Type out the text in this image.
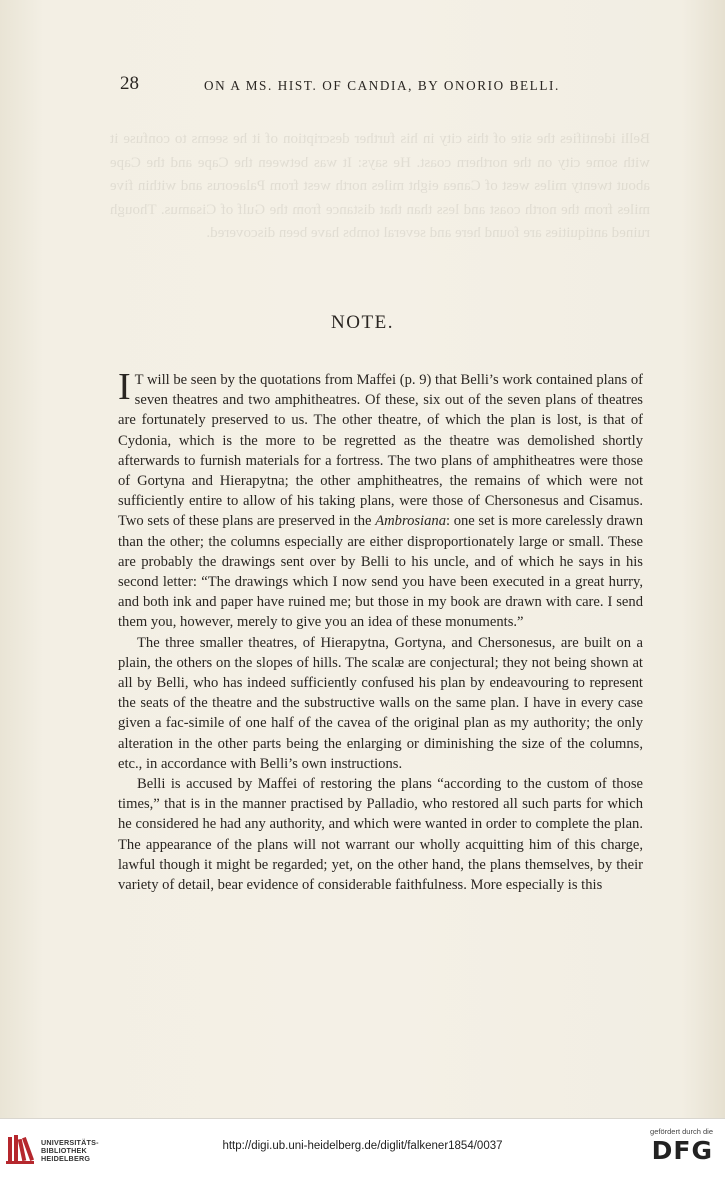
Belli identifies the site of this city in his further description of it he seems to confuse it with some city on the northern coast. He says: It was between the Cape and the Cape about twenty miles west of Canea eight miles north west from Palaeorus and within five miles from the north coast and less than that distance from the Gulf of Cisamus. Though ruined antiquities are found here and several tombs have been discovered.
28	ON A MS. HIST. OF CANDIA, BY ONORIO BELLI.
NOTE.

I T will be seen by the quotations from Maffei (p. 9) that Belli’s work contained plans of seven theatres and two amphitheatres. Of these, six out of the seven plans of theatres are fortunately preserved to us. The other theatre, of which the plan is lost, is that of Cydonia, which is the more to be regretted as the theatre was demolished shortly afterwards to furnish materials for a fortress. The two plans of amphitheatres were those of Gortyna and Hierapytna; the other amphitheatres, the remains of which were not sufficiently entire to allow of his taking plans, were those of Chersonesus and Cisamus. Two sets of these plans are preserved in the Ambrosiana: one set is more carelessly drawn than the other; the columns especially are either disproportionately large or small. These are probably the drawings sent over by Belli to his uncle, and of which he says in his second letter: “The drawings which I now send you have been executed in a great hurry, and both ink and paper have ruined me; but those in my book are drawn with care. I send them you, however, merely to give you an idea of these monuments.”

The three smaller theatres, of Hierapytna, Gortyna, and Chersonesus, are built on a plain, the others on the slopes of hills. The scalæ are conjectural; they not being shown at all by Belli, who has indeed sufficiently confused his plan by endeavouring to represent the seats of the theatre and the substructive walls on the same plan. I have in every case given a fac-simile of one half of the cavea of the original plan as my authority; the only alteration in the other parts being the enlarging or diminishing the size of the columns, etc., in accordance with Belli’s own instructions.

Belli is accused by Maffei of restoring the plans “according to the custom of those times,” that is in the manner practised by Palladio, who restored all such parts for which he considered he had any authority, and which were wanted in order to complete the plan. The appearance of the plans will not warrant our wholly acquitting him of this charge, lawful though it might be regarded; yet, on the other hand, the plans themselves, by their variety of detail, bear evidence of considerable faithfulness. More especially is this

UNIVERSITÄTS-
BIBLIOTHEK
HEIDELBERG
http://digi.ub.uni-heidelberg.de/diglit/falkener1854/0037
gefördert durch die
DFG
